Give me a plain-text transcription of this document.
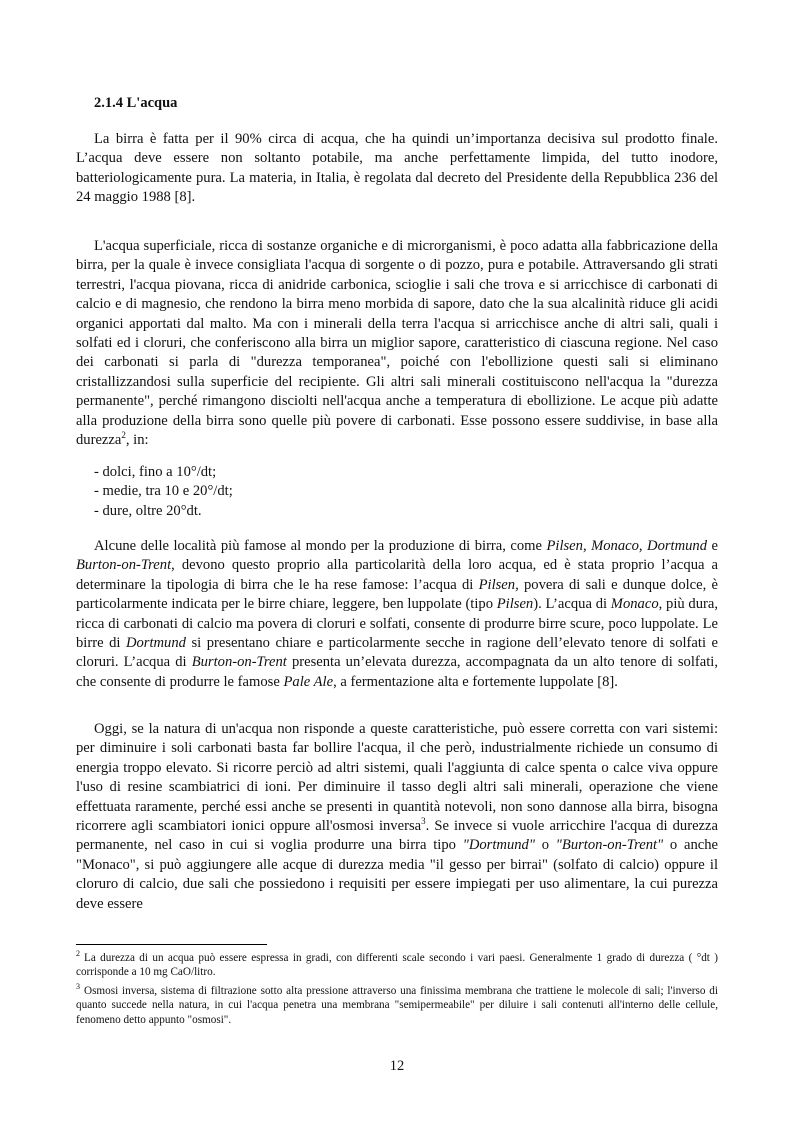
2.1.4 L'acqua

La birra è fatta per il 90% circa di acqua, che ha quindi un’importanza decisiva sul prodotto finale. L’acqua deve essere non soltanto potabile, ma anche perfettamente limpida, del tutto inodore, batteriologicamente pura. La materia, in Italia, è regolata dal decreto del Presidente della Repubblica 236 del 24 maggio 1988 [8].

L'acqua superficiale, ricca di sostanze organiche e di microrganismi, è poco adatta alla fabbricazione della birra, per la quale è invece consigliata l'acqua di sorgente o di pozzo, pura e potabile. Attraversando gli strati terrestri, l'acqua piovana, ricca di anidride carbonica, scioglie i sali che trova e si arricchisce di carbonati di calcio e di magnesio, che rendono la birra meno morbida di sapore, dato che la sua alcalinità riduce gli acidi organici apportati dal malto. Ma con i minerali della terra l'acqua si arricchisce anche di altri sali, quali i solfati ed i cloruri, che conferiscono alla birra un miglior sapore, caratteristico di ciascuna regione. Nel caso dei carbonati si parla di "durezza temporanea", poiché con l'ebollizione questi sali si eliminano cristallizzandosi sulla superficie del recipiente. Gli altri sali minerali costituiscono nell'acqua la "durezza permanente", perché rimangono disciolti nell'acqua anche a temperatura di ebollizione. Le acque più adatte alla produzione della birra sono quelle più povere di carbonati. Esse possono essere suddivise, in base alla durezza$^2$, in:

- dolci, fino a 10°/dt;
- medie, tra 10 e 20°/dt;
- dure, oltre 20°dt.

Alcune delle località più famose al mondo per la produzione di birra, come Pilsen, Monaco, Dortmund e Burton-on-Trent, devono questo proprio alla particolarità della loro acqua, ed è stata proprio l’acqua a determinare la tipologia di birra che le ha rese famose: l’acqua di Pilsen, povera di sali e dunque dolce, è particolarmente indicata per le birre chiare, leggere, ben luppolate (tipo Pilsen). L’acqua di Monaco, più dura, ricca di carbonati di calcio ma povera di cloruri e solfati, consente di produrre birre scure, poco luppolate. Le birre di Dortmund si presentano chiare e particolarmente secche in ragione dell’elevato tenore di solfati e cloruri. L’acqua di Burton-on-Trent presenta un’elevata durezza, accompagnata da un alto tenore di solfati, che consente di produrre le famose Pale Ale, a fermentazione alta e fortemente luppolate [8].

Oggi, se la natura di un'acqua non risponde a queste caratteristiche, può essere corretta con vari sistemi: per diminuire i soli carbonati basta far bollire l'acqua, il che però, industrialmente richiede un consumo di energia troppo elevato. Si ricorre perciò ad altri sistemi, quali l'aggiunta di calce spenta o calce viva oppure l'uso di resine scambiatrici di ioni. Per diminuire il tasso degli altri sali minerali, operazione che viene effettuata raramente, perché essi anche se presenti in quantità notevoli, non sono dannose alla birra, bisogna ricorrere agli scambiatori ionici oppure all'osmosi inversa$^3$. Se invece si vuole arricchire l'acqua di durezza permanente, nel caso in cui si voglia produrre una birra tipo "Dortmund" o "Burton-on-Trent" o anche "Monaco", si può aggiungere alle acque di durezza media "il gesso per birrai" (solfato di calcio) oppure il cloruro di calcio, due sali che possiedono i requisiti per essere impiegati per uso alimentare, la cui purezza deve essere

$^2$ La durezza di un acqua può essere espressa in gradi, con differenti scale secondo i vari paesi. Generalmente 1 grado di durezza ( °dt ) corrisponde a 10 mg CaO/litro.
$^3$ Osmosi inversa, sistema di filtrazione sotto alta pressione attraverso una finissima membrana che trattiene le molecole di sali; l'inverso di quanto succede nella natura, in cui l'acqua penetra una membrana "semipermeabile" per diluire i sali contenuti all'interno delle cellule, fenomeno detto appunto "osmosi".
12
